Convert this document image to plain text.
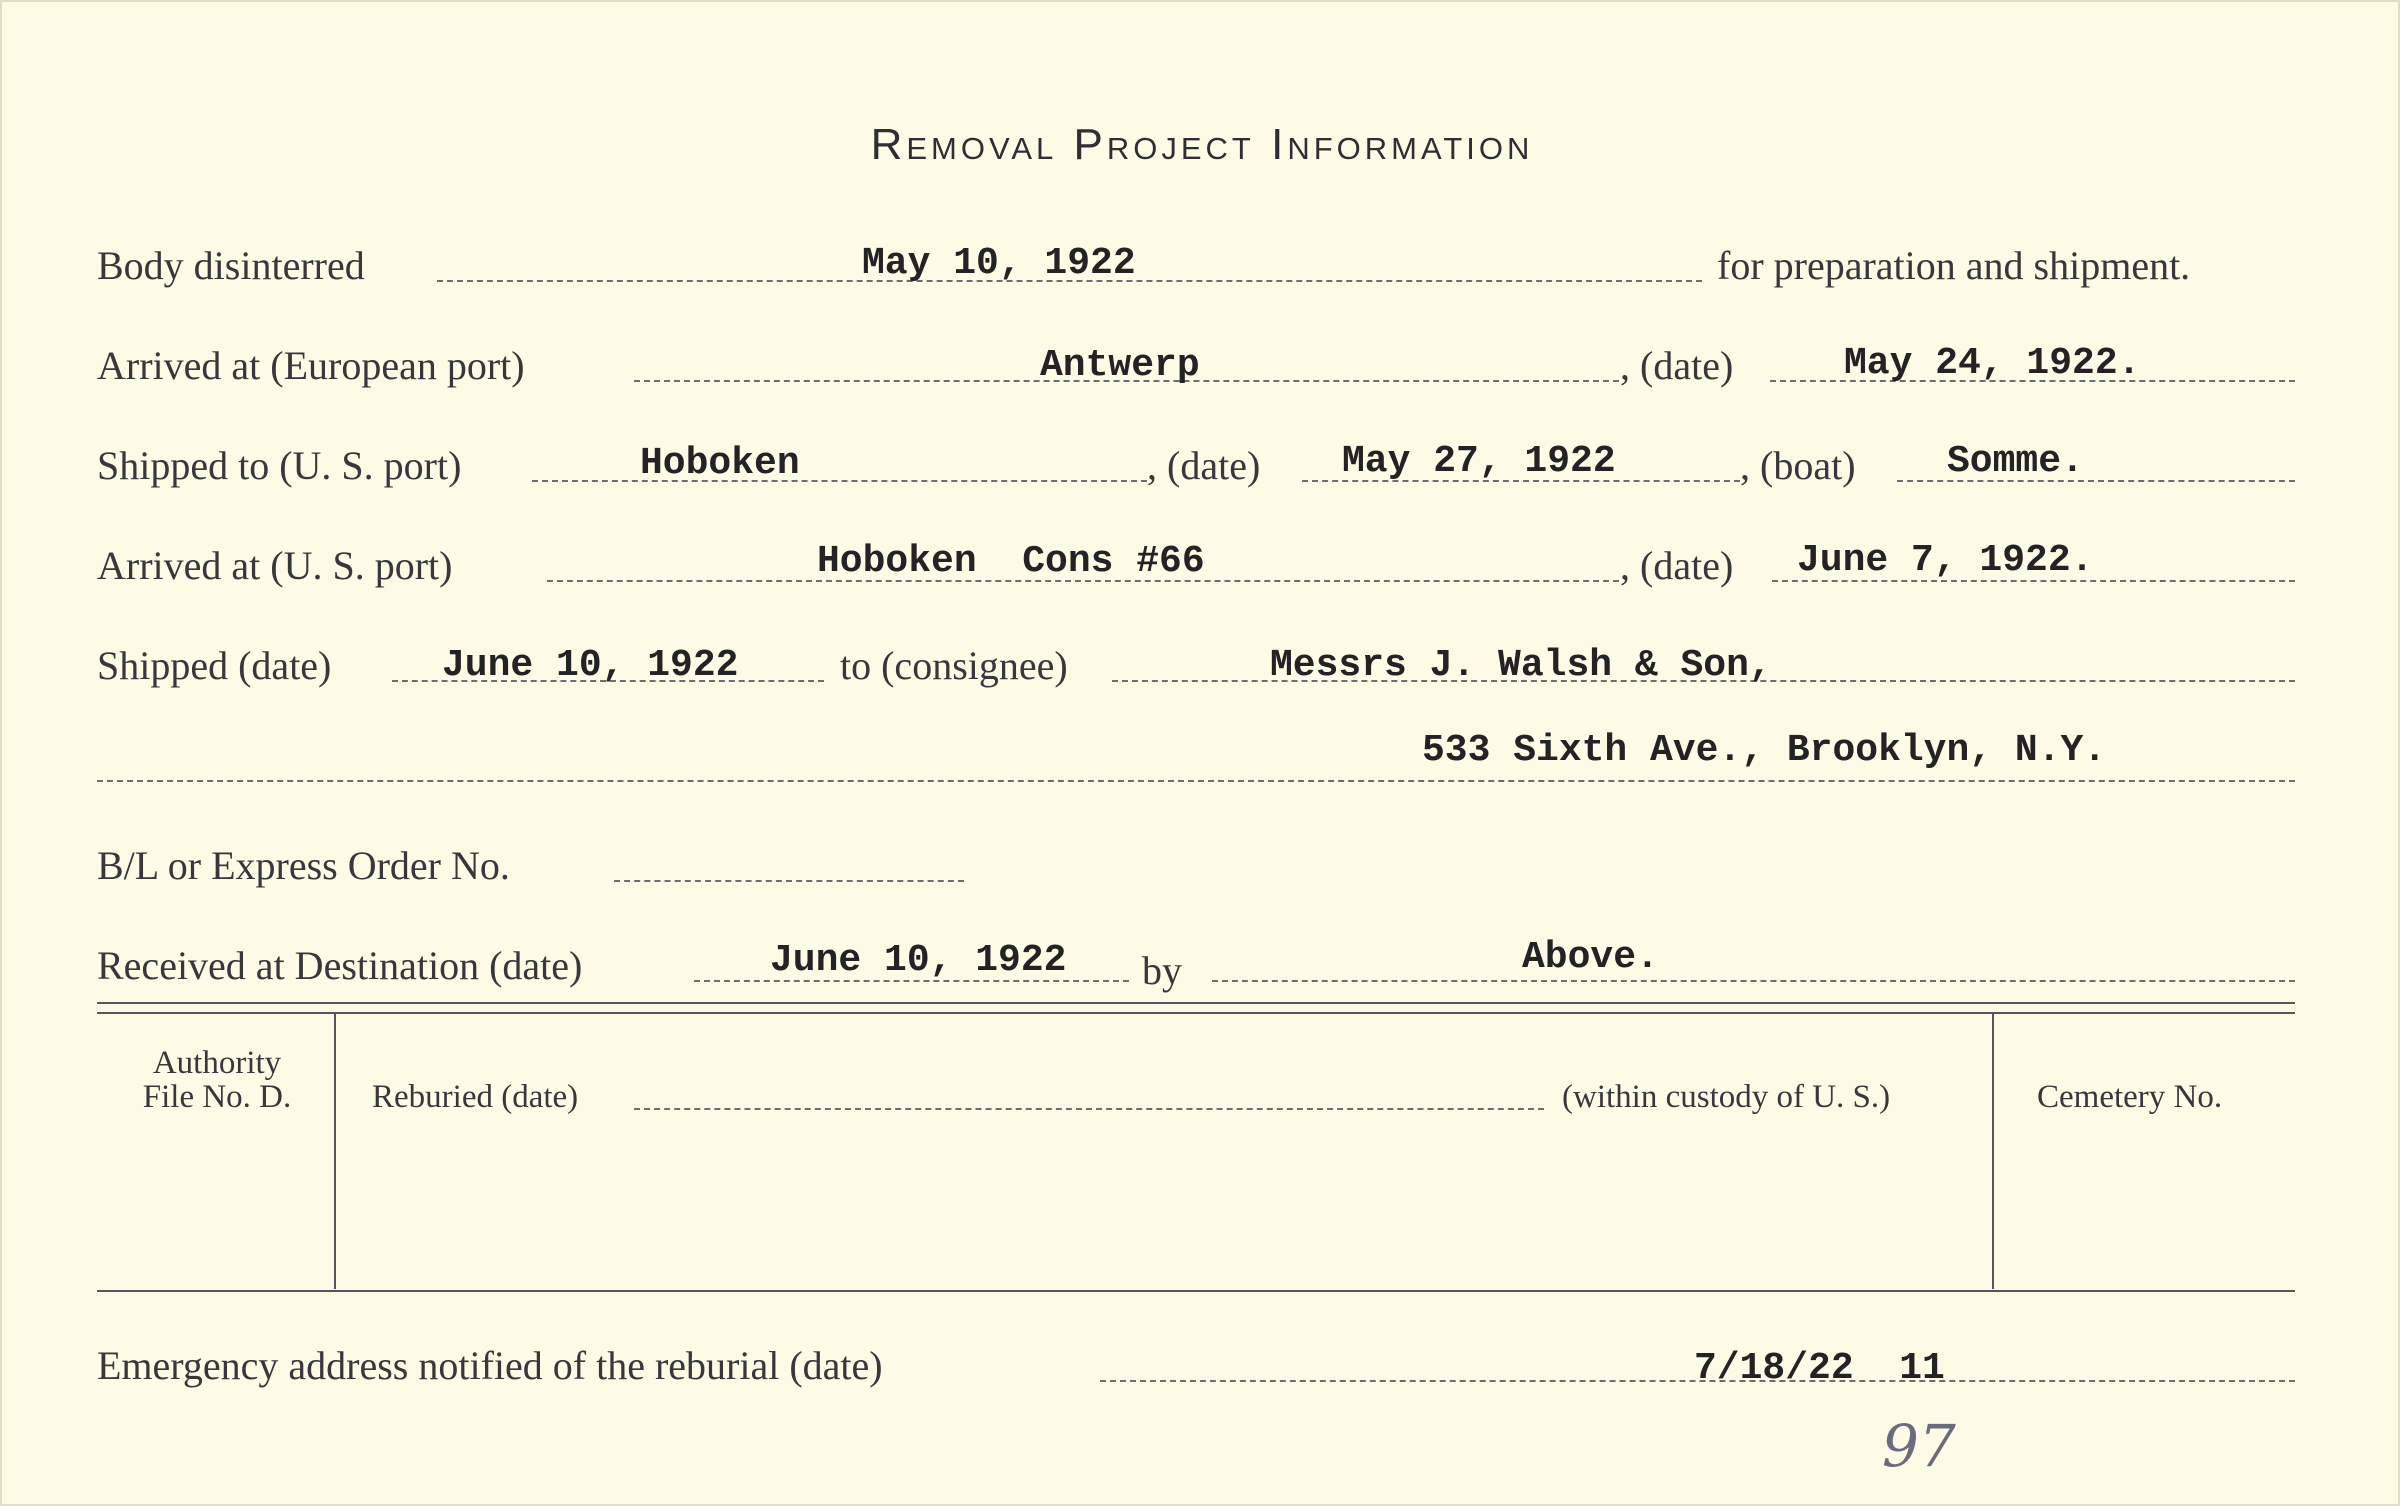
Removal Project Information
Body disinterred	May 10, 1922	for preparation and shipment.
Arrived at (European port)	Antwerp	, (date)	May 24, 1922.
Shipped to (U. S. port)	Hoboken	, (date) May 27, 1922	, (boat) Somme.
Arrived at (U. S. port)	Hoboken  Cons #66	, (date) June 7, 1922.
Shipped (date)	June 10, 1922	to (consignee)	Messrs J. Walsh & Son,
533 Sixth Ave., Brooklyn, N.Y.
B/L or Express Order No.
Received at Destination (date)	June 10, 1922 by	Above.
Authority
File No. D.	Reburied (date)	(within custody of U. S.)	Cemetery No.
Emergency address notified of the reburial (date)	7/18/22  11
97
